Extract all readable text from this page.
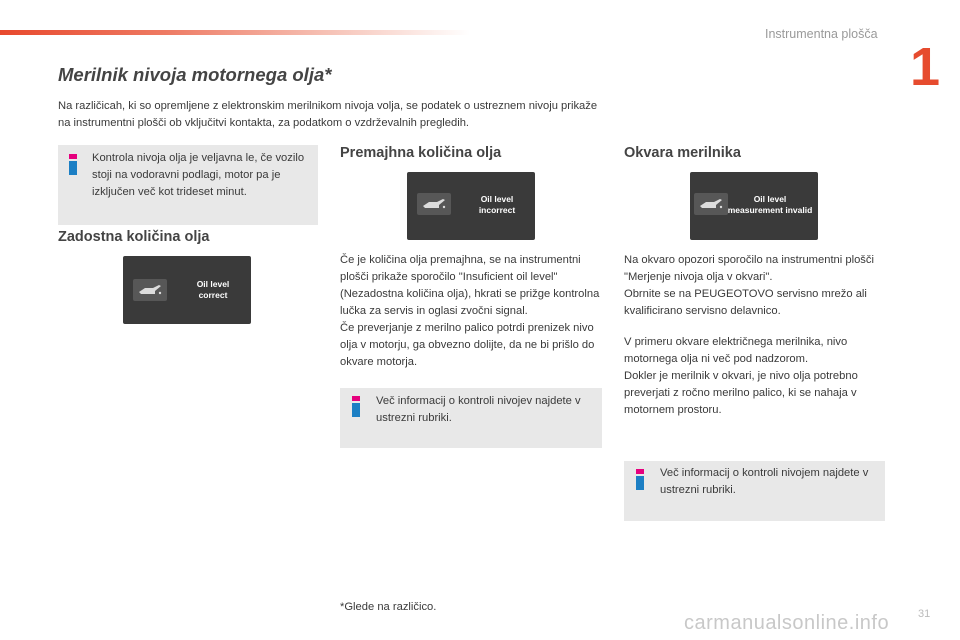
Instrumentna plošča
1
Merilnik nivoja motornega olja*
Na različicah, ki so opremljene z elektronskim merilnikom nivoja volja, se podatek o ustreznem nivoju prikaže na instrumentni plošči ob vključitvi kontakta, za podatkom o vzdrževalnih pregledih.
Kontrola nivoja olja je veljavna le, če vozilo stoji na vodoravni podlagi, motor pa je izključen več kot trideset minut.
Zadostna količina olja
Oil level
correct
Premajhna količina olja
Oil level
incorrect
Če je količina olja premajhna, se na instrumentni plošči prikaže sporočilo "Insuficient oil level" (Nezadostna količina olja), hkrati se prižge kontrolna lučka za servis in oglasi zvočni signal.
Če preverjanje z merilno palico potrdi prenizek nivo olja v motorju, ga obvezno dolijte, da ne bi prišlo do okvare motorja.
Več informacij o kontroli nivojev najdete v ustrezni rubriki.
Okvara merilnika
Oil level
measurement invalid
Na okvaro opozori sporočilo na instrumentni plošči "Merjenje nivoja olja v okvari".
Obrnite se na PEUGEOTOVO servisno mrežo ali kvalificirano servisno delavnico.
V primeru okvare električnega merilnika, nivo motornega olja ni več pod nadzorom.
Dokler je merilnik v okvari, je nivo olja potrebno preverjati z ročno merilno palico, ki se nahaja v motornem prostoru.
Več informacij o kontroli nivojem najdete v ustrezni rubriki.
*Glede na različico.
carmanualsonline.info	31
